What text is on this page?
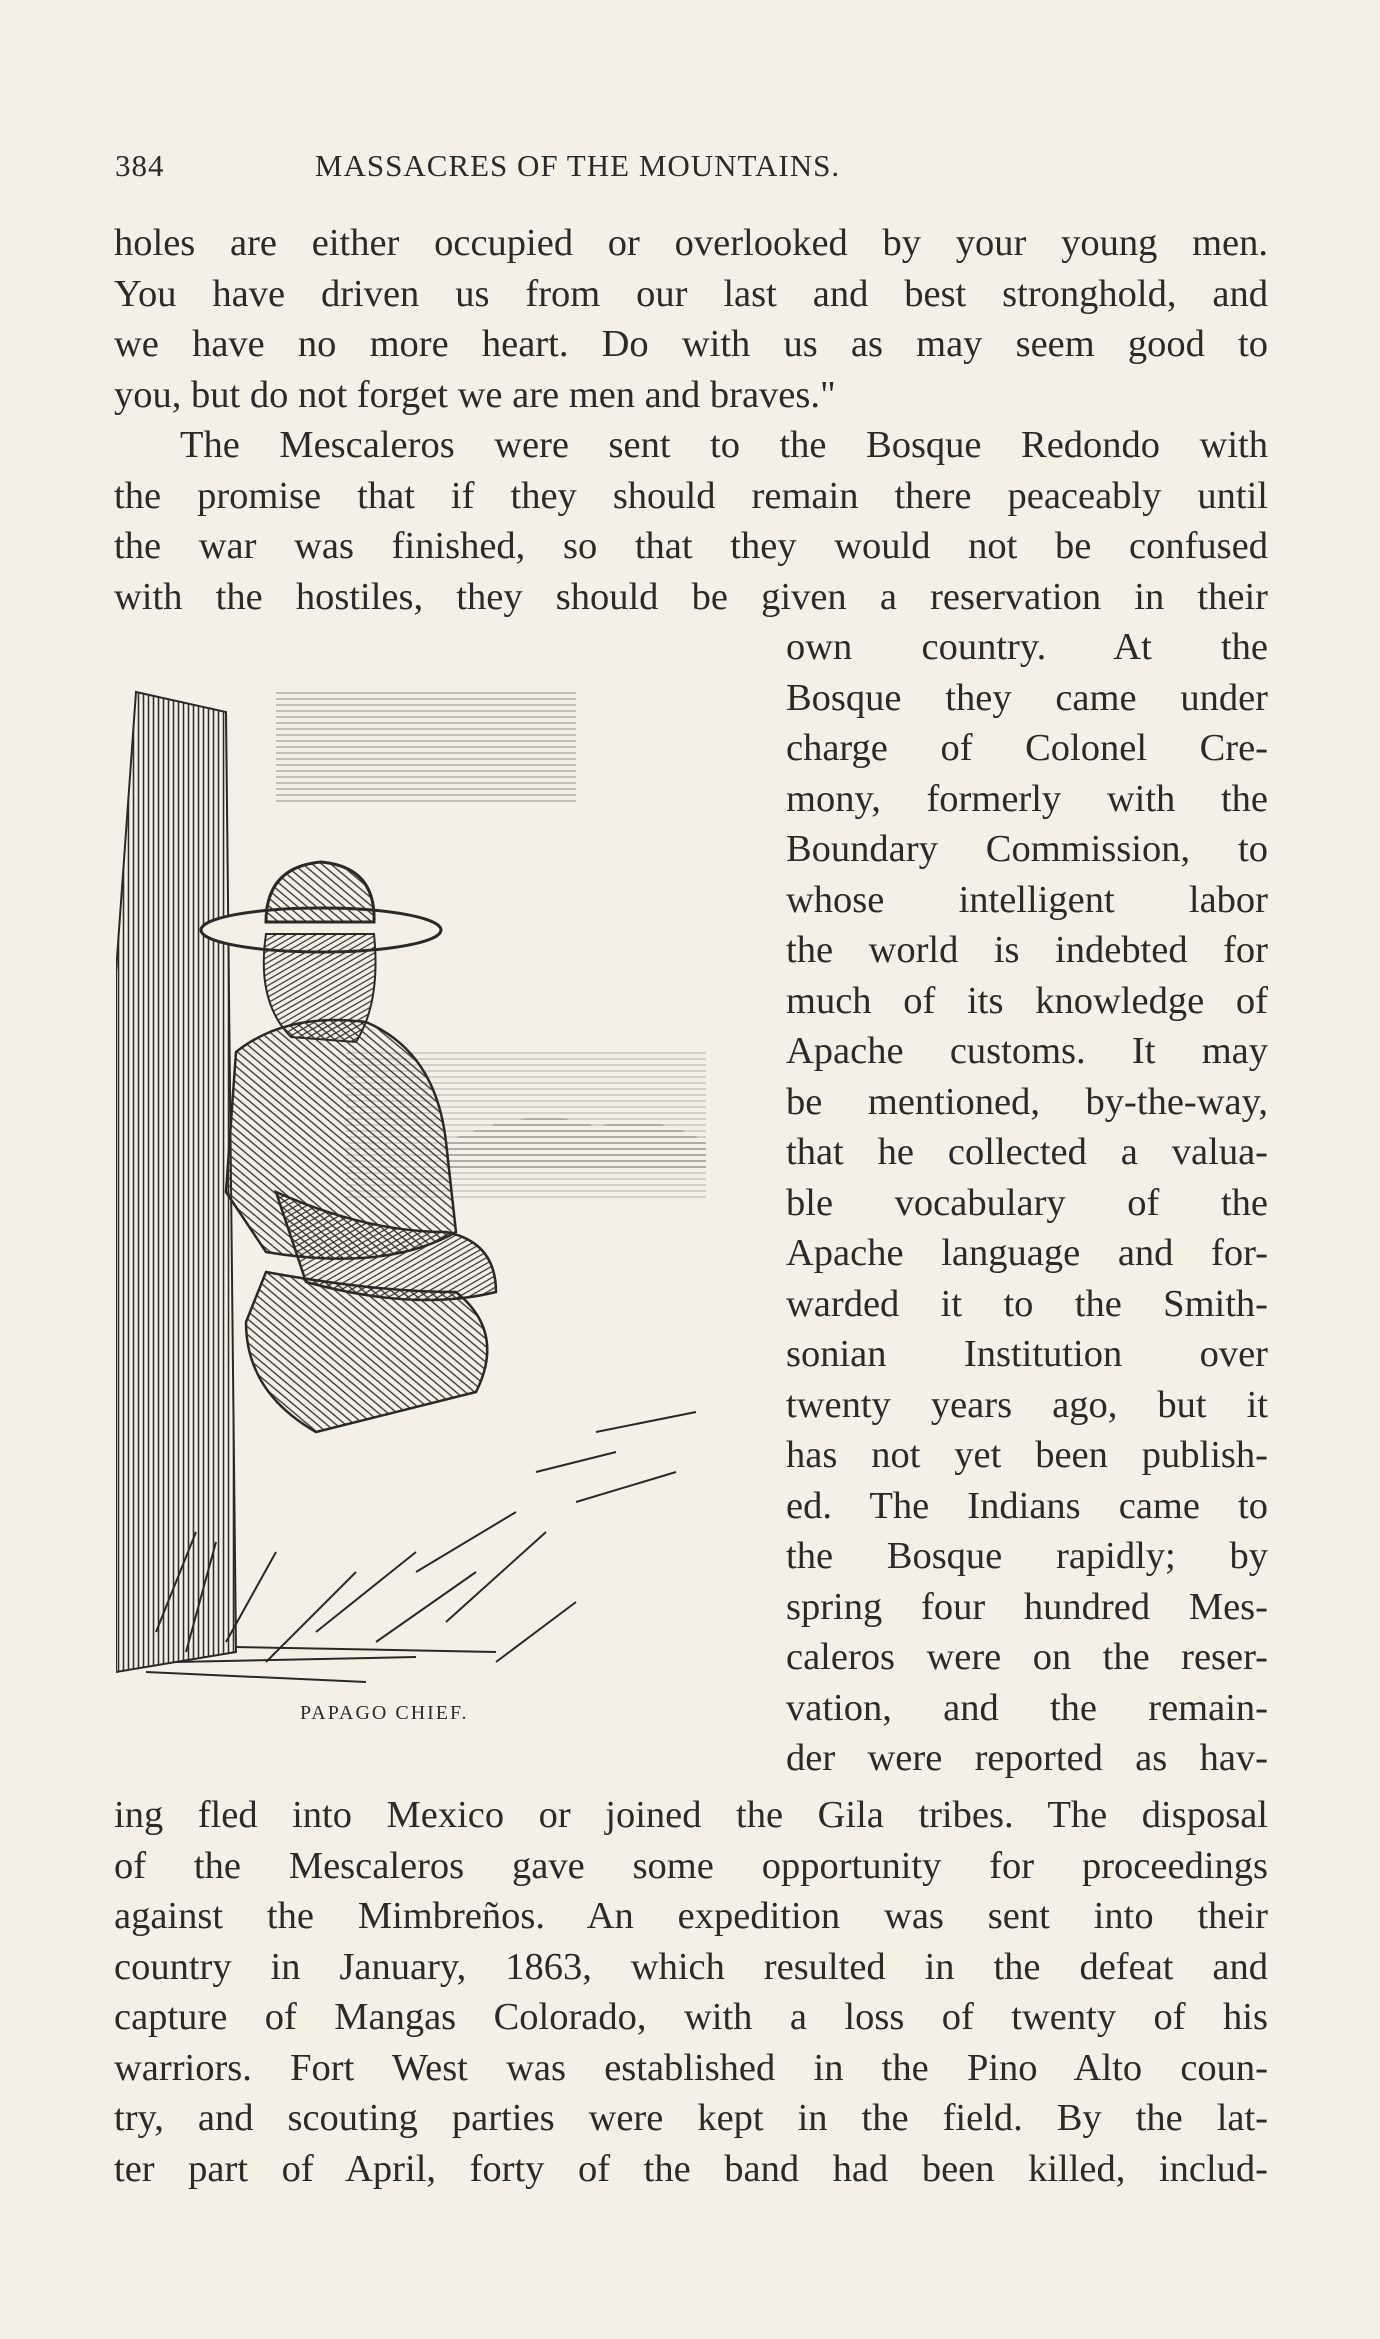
384	MASSACRES OF THE MOUNTAINS.
holes are either occupied or overlooked by your young men.
You have driven us from our last and best stronghold, and
we have no more heart. Do with us as may seem good to
you, but do not forget we are men and braves."
The Mescaleros were sent to the Bosque Redondo with
the promise that if they should remain there peaceably until
the war was finished, so that they would not be confused
with the hostiles, they should be given a reservation in their
PAPAGO CHIEF.
own country. At the
Bosque they came under
charge of Colonel Cre-
mony, formerly with the
Boundary Commission, to
whose intelligent labor
the world is indebted for
much of its knowledge of
Apache customs. It may
be mentioned, by-the-way,
that he collected a valua-
ble vocabulary of the
Apache language and for-
warded it to the Smith-
sonian Institution over
twenty years ago, but it
has not yet been publish-
ed. The Indians came to
the Bosque rapidly; by
spring four hundred Mes-
caleros were on the reser-
vation, and the remain-
der were reported as hav-
ing fled into Mexico or joined the Gila tribes. The disposal
of the Mescaleros gave some opportunity for proceedings
against the Mimbreños. An expedition was sent into their
country in January, 1863, which resulted in the defeat and
capture of Mangas Colorado, with a loss of twenty of his
warriors. Fort West was established in the Pino Alto coun-
try, and scouting parties were kept in the field. By the lat-
ter part of April, forty of the band had been killed, includ-
